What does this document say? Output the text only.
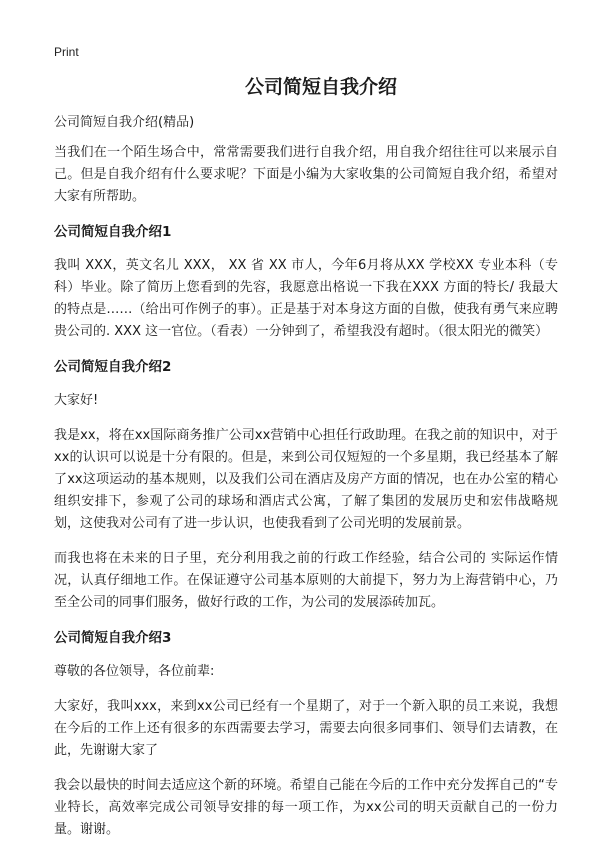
Print
公司简短自我介绍

公司简短自我介绍(精品)

当我们在一个陌生场合中，常常需要我们进行自我介绍，用自我介绍往往可以来展示自己。但是自我介绍有什么要求呢？下面是小编为大家收集的公司简短自我介绍，希望对大家有所帮助。

公司简短自我介绍1

我叫 XXX，英文名儿 XXX， XX 省 XX 市人，今年6月将从XX 学校XX 专业本科（专科）毕业。除了简历上您看到的先容，我愿意出格说一下我在XXX 方面的特长/ 我最大的特点是……（给出可作例子的事）。正是基于对本身这方面的自傲，使我有勇气来应聘贵公司的. XXX 这一官位。（看表）一分钟到了，希望我没有超时。（很太阳光的微笑）

公司简短自我介绍2

大家好!

我是xx，将在xx国际商务推广公司xx营销中心担任行政助理。在我之前的知识中，对于xx的认识可以说是十分有限的。但是，来到公司仅短短的一个多星期，我已经基本了解了xx这项运动的基本规则，以及我们公司在酒店及房产方面的情况，也在办公室的精心组织安排下，参观了公司的球场和酒店式公寓，了解了集团的发展历史和宏伟战略规划，这使我对公司有了进一步认识，也使我看到了公司光明的发展前景。

而我也将在未来的日子里，充分利用我之前的行政工作经验，结合公司的 实际运作情况，认真仔细地工作。在保证遵守公司基本原则的大前提下，努力为上海营销中心，乃至全公司的同事们服务，做好行政的工作，为公司的发展添砖加瓦。

公司简短自我介绍3

尊敬的各位领导，各位前辈:

大家好，我叫xxx，来到xx公司已经有一个星期了，对于一个新入职的员工来说，我想在今后的工作上还有很多的东西需要去学习，需要去向很多同事们、领导们去请教，在此，先谢谢大家了

我会以最快的时间去适应这个新的环境。希望自己能在今后的工作中充分发挥自己的“专业特长，高效率完成公司领导安排的每一项工作，为xx公司的明天贡献自己的一份力量。谢谢。
